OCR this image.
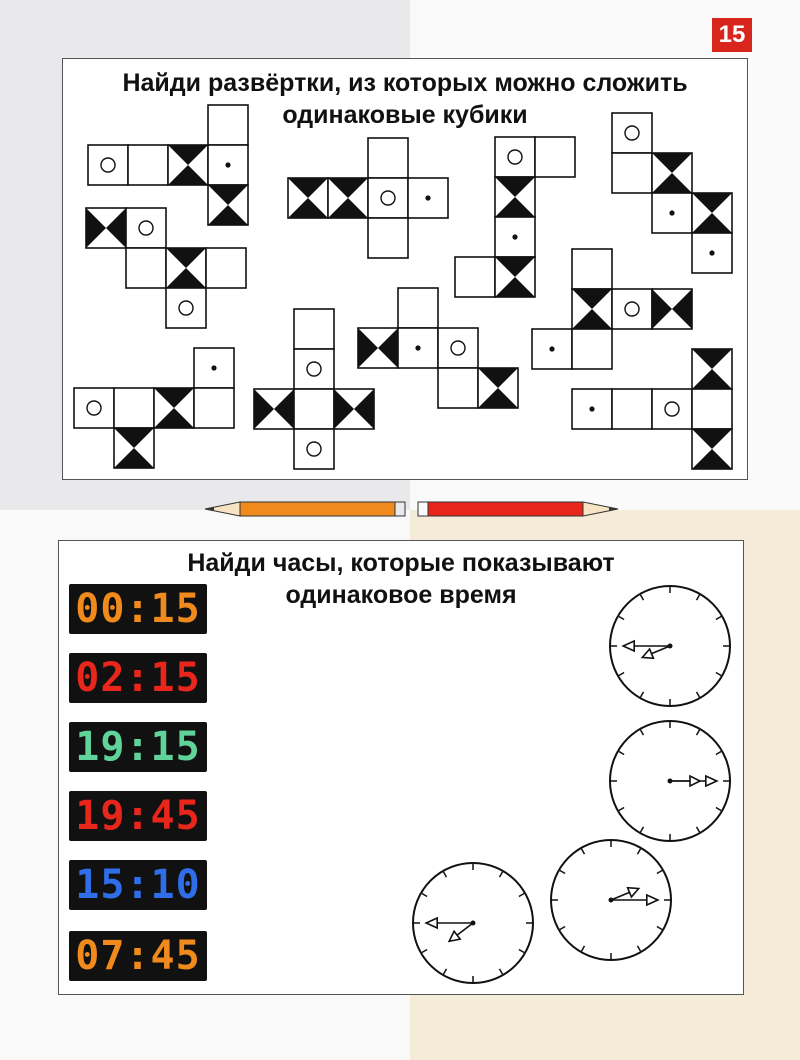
15
Найди развёртки, из которых можно сложить
одинаковые кубики
Найди часы, которые показывают
одинаковое время
00:15
02:15
19:15
19:45
15:10
07:45
